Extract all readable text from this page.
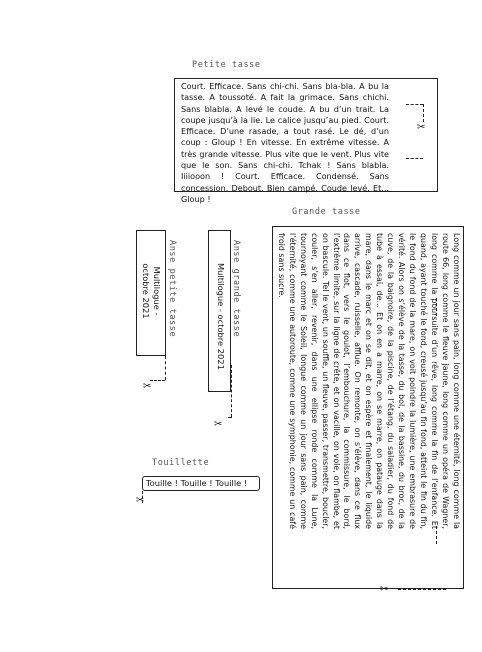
Petite tasse

Court. Efficace. Sans chi-chi. Sans bla-bla. A bu la tasse. A toussoté. A fait la grimace. Sans chichi. Sans blabla. A levé le coude. A bu d’un trait. La coupe jusqu’à la lie. Le calice jusqu’au pied. Court. Efficace. D’une rasade, a tout rasé. Le dé, d’un coup : Gloup ! En vitesse. En extrême vitesse. A très grande vitesse. Plus vite que le vent. Plus vite que le son. Sans chi-chi. Tchak ! Sans blabla. Iiiiooon ! Court. Efficace. Condensé. Sans concession. Debout. Bien campé. Coude levé. Et... Gloup !

✂
Grande tasse

Long comme un jour sans pain, long comme une éternité, long comme la route 66, long comme le fleuve jaune, long comme un opéra de Wagner, long comme la poursuite d’un rêve, long comme la fin de l’enfance. Et quand, ayant touché le fond, creusé jusqu’au fin fond, atteint le fin du fin, le fond du fond de la mare, on voit poindre la lumière, une embrasure de vérité. Alors on s’élève de la tasse, du bol, de la bassine, du broc, de la cuve, de la baignoire, de la piscine, de l’étang, du saladier, du fond de tube à essai, de... Et on en a marre, on se marre, on patauge dans la mare, dans le marc et on se dit, et on espère et finalement, le liquide arrive, cascade, ruisselle, afflue. On remonte, on s’élève, dans ce flux dans ce flot, vers le goulot, l’embouchure, la commissure, le bord, l’extrême limite, sur la ligne de crête, et on vacille, on vole, on flambe, et on bascule. Tel le vent, un souffle, un fleuve, passer, transmettre, boucler, couler, s’en aller, revenir, dans une ellipse ronde comme la Lune, tournoyant comme le Soleil, longue comme un jour sans pain, comme l’éternité, comme une autoroute, comme une symphonie, comme un café froid sans sucre.

✂
Anse grande tasse
Multilogue - octobre 2021
✂
Anse petite tasse
Multilogue - octobre 2021
✂
Touillette
Touille ! Touille ! Touille !
✂
